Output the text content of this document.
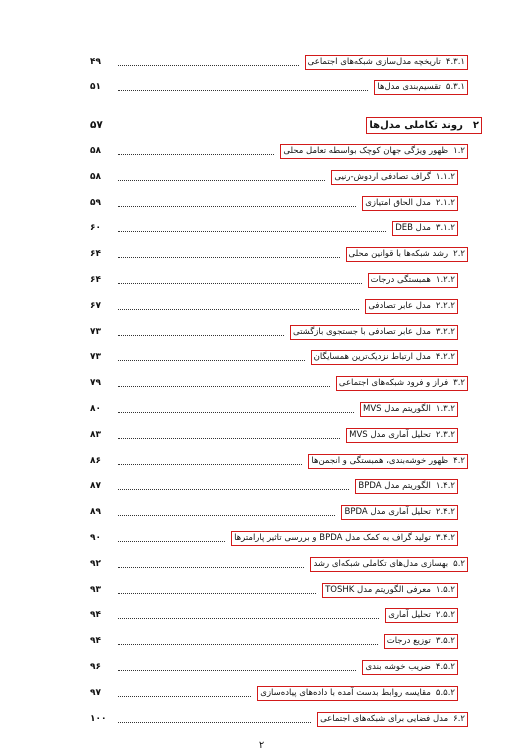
۴.۳.۱
تاریخچه مدل‌سازی شبکه‌های اجتماعی
۴۹
۵.۳.۱
تقسیم‌بندی مدل‌ها
۵۱
۲
روند تکاملی مدل‌ها
۵۷
۱.۲
ظهور ویژگی جهان کوچک بواسطه تعامل محلی
۵۸
۱.۱.۲
گراف تصادفی اردوش-رنیی
۵۸
۲.۱.۲
مدل الحاق امتیازی
۵۹
۳.۱.۲
مدل DEB
۶۰
۲.۲
رشد شبکه‌ها با قوانین محلی
۶۴
۱.۲.۲
همبستگی درجات
۶۴
۲.۲.۲
مدل عابر تصادفی
۶۷
۳.۲.۲
مدل عابر تصادفی با جستجوی بازگشتی
۷۳
۴.۲.۲
مدل ارتباط نزدیک‌ترین همسایگان
۷۳
۳.۲
فراز و فرود شبکه‌های اجتماعی
۷۹
۱.۳.۲
الگوریتم مدل MVS
۸۰
۲.۳.۲
تحلیل آماری مدل MVS
۸۳
۴.۲
ظهور خوشه‌بندی، همبستگی و انجمن‌ها
۸۶
۱.۴.۲
الگوریتم مدل BPDA
۸۷
۲.۴.۲
تحلیل آماری مدل BPDA
۸۹
۳.۴.۲
تولید گراف به کمک مدل BPDA و بررسی تاثیر پارامترها
۹۰
۵.۲
بهسازی مدل‌های تکاملی شبکه‌ای رشد
۹۲
۱.۵.۲
معرفی الگوریتم مدل TOSHK
۹۳
۲.۵.۲
تحلیل آماری
۹۴
۳.۵.۲
توزیع درجات
۹۴
۴.۵.۲
ضریب خوشه بندی
۹۶
۵.۵.۲
مقایسه روابط بدست آمده با داده‌های پیاده‌سازی
۹۷
۶.۲
مدل فضایی برای شبکه‌های اجتماعی
۱۰۰
۲
